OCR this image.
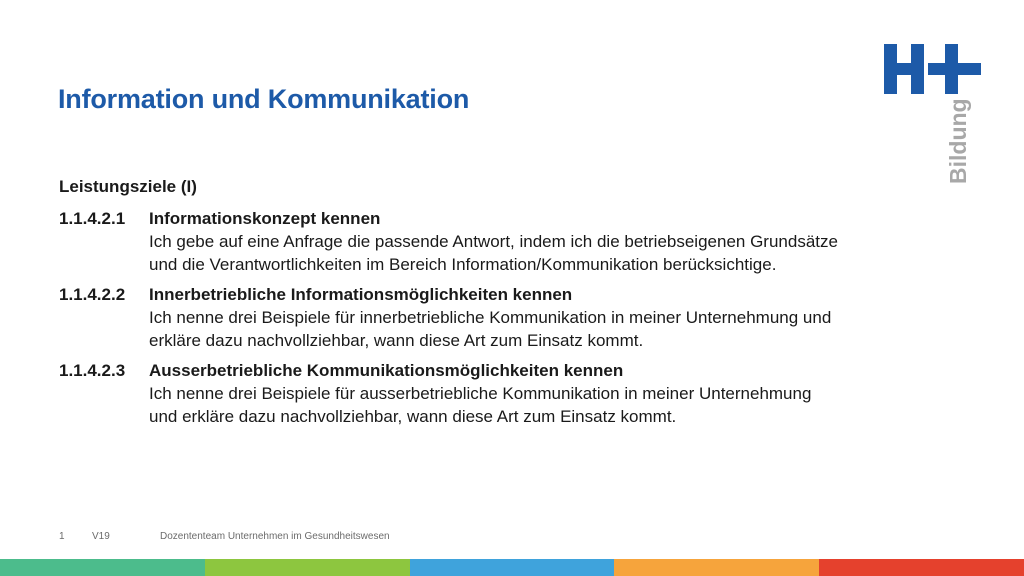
Information und Kommunikation	Bildung
Leistungsziele (I)
1.1.4.2.1	Informationskonzept kennen
Ich gebe auf eine Anfrage die passende Antwort, indem ich die betriebseigenen Grundsätze und die Verantwortlichkeiten im Bereich Information/Kommunikation berücksichtige.
1.1.4.2.2	Innerbetriebliche Informationsmöglichkeiten kennen
Ich nenne drei Beispiele für innerbetriebliche Kommunikation in meiner Unternehmung und erkläre dazu nachvollziehbar, wann diese Art zum Einsatz kommt.
1.1.4.2.3	Ausserbetriebliche Kommunikationsmöglichkeiten kennen
Ich nenne drei Beispiele für ausserbetriebliche Kommunikation in meiner Unternehmung und erkläre dazu nachvollziehbar, wann diese Art zum Einsatz kommt.
1	V19	Dozententeam Unternehmen im Gesundheitswesen
